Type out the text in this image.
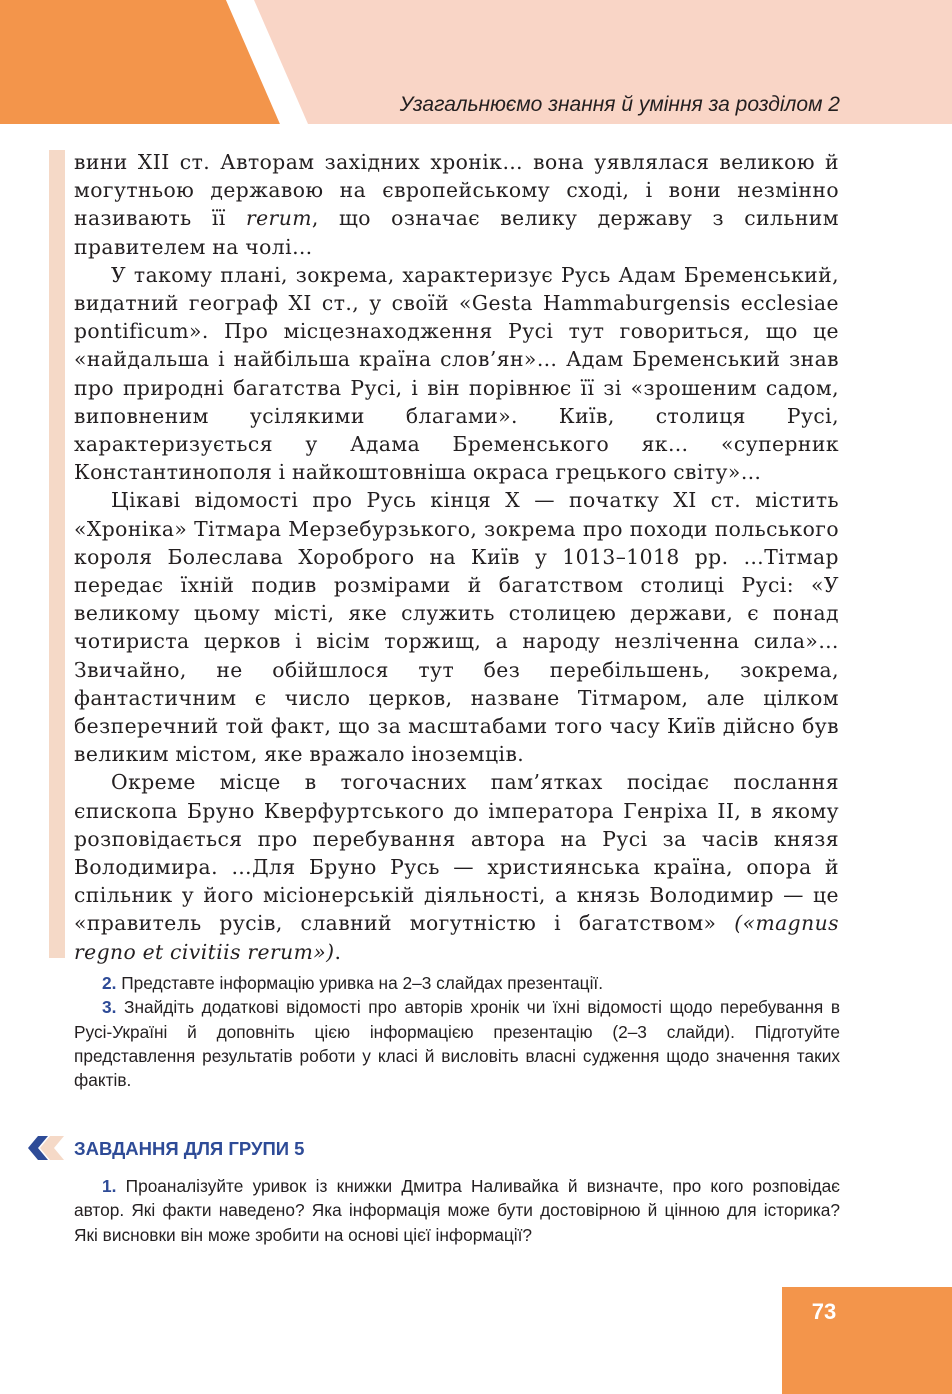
Узагальнюємо знання й уміння за розділом 2

вини XII ст. Авторам західних хронік… вона уявлялася великою й могутньою державою на європейському сході, і вони незмінно називають її rerum, що означає велику державу з сильним правителем на чолі…

У такому плані, зокрема, характеризує Русь Адам Бременський, видатний географ XI ст., у своїй «Gesta Hammaburgensis ecclesiae pontificum». Про місцезнаходження Русі тут говориться, що це «найдальша і найбільша країна слов’ян»… Адам Бременський знав про природні багатства Русі, і він порівнює її зі «зрошеним садом, виповненим усілякими благами». Київ, столиця Русі, характеризується у Адама Бременського як… «суперник Константинополя і найкоштовніша окраса грецького світу»…

Цікаві відомості про Русь кінця X — початку XI ст. містить «Хроніка» Тітмара Мерзебурзького, зокрема про походи польського короля Болеслава Хороброго на Київ у 1013–1018 рр. …Тітмар передає їхній подив розмірами й багатством столиці Русі: «У великому цьому місті, яке служить столицею держави, є понад чотириста церков і вісім торжищ, а народу незліченна сила»… Звичайно, не обійшлося тут без перебільшень, зокрема, фантастичним є число церков, назване Тітмаром, але цілком безперечний той факт, що за масштабами того часу Київ дійсно був великим містом, яке вражало іноземців.

Окреме місце в тогочасних пам’ятках посідає послання єпископа Бруно Кверфуртського до імператора Генріха II, в якому розповідається про перебування автора на Русі за часів князя Володимира. …Для Бруно Русь — християнська країна, опора й спільник у його місіонерській діяльності, а князь Володимир — це «правитель русів, славний могутністю і багатством» («magnus regno et civitiis rerum»).

2. Представте інформацію уривка на 2–3 слайдах презентації.

3. Знайдіть додаткові відомості про авторів хронік чи їхні відомості щодо перебування в Русі-Україні й доповніть цією інформацією презентацію (2–3 слайди). Підготуйте представлення результатів роботи у класі й висловіть власні судження щодо значення таких фактів.

ЗАВДАННЯ ДЛЯ ГРУПИ 5

1. Проаналізуйте уривок із книжки Дмитра Наливайка й визначте, про кого розповідає автор. Які факти наведено? Яка інформація може бути достовірною й цінною для історика? Які висновки він може зробити на основі цієї інформації?

73
